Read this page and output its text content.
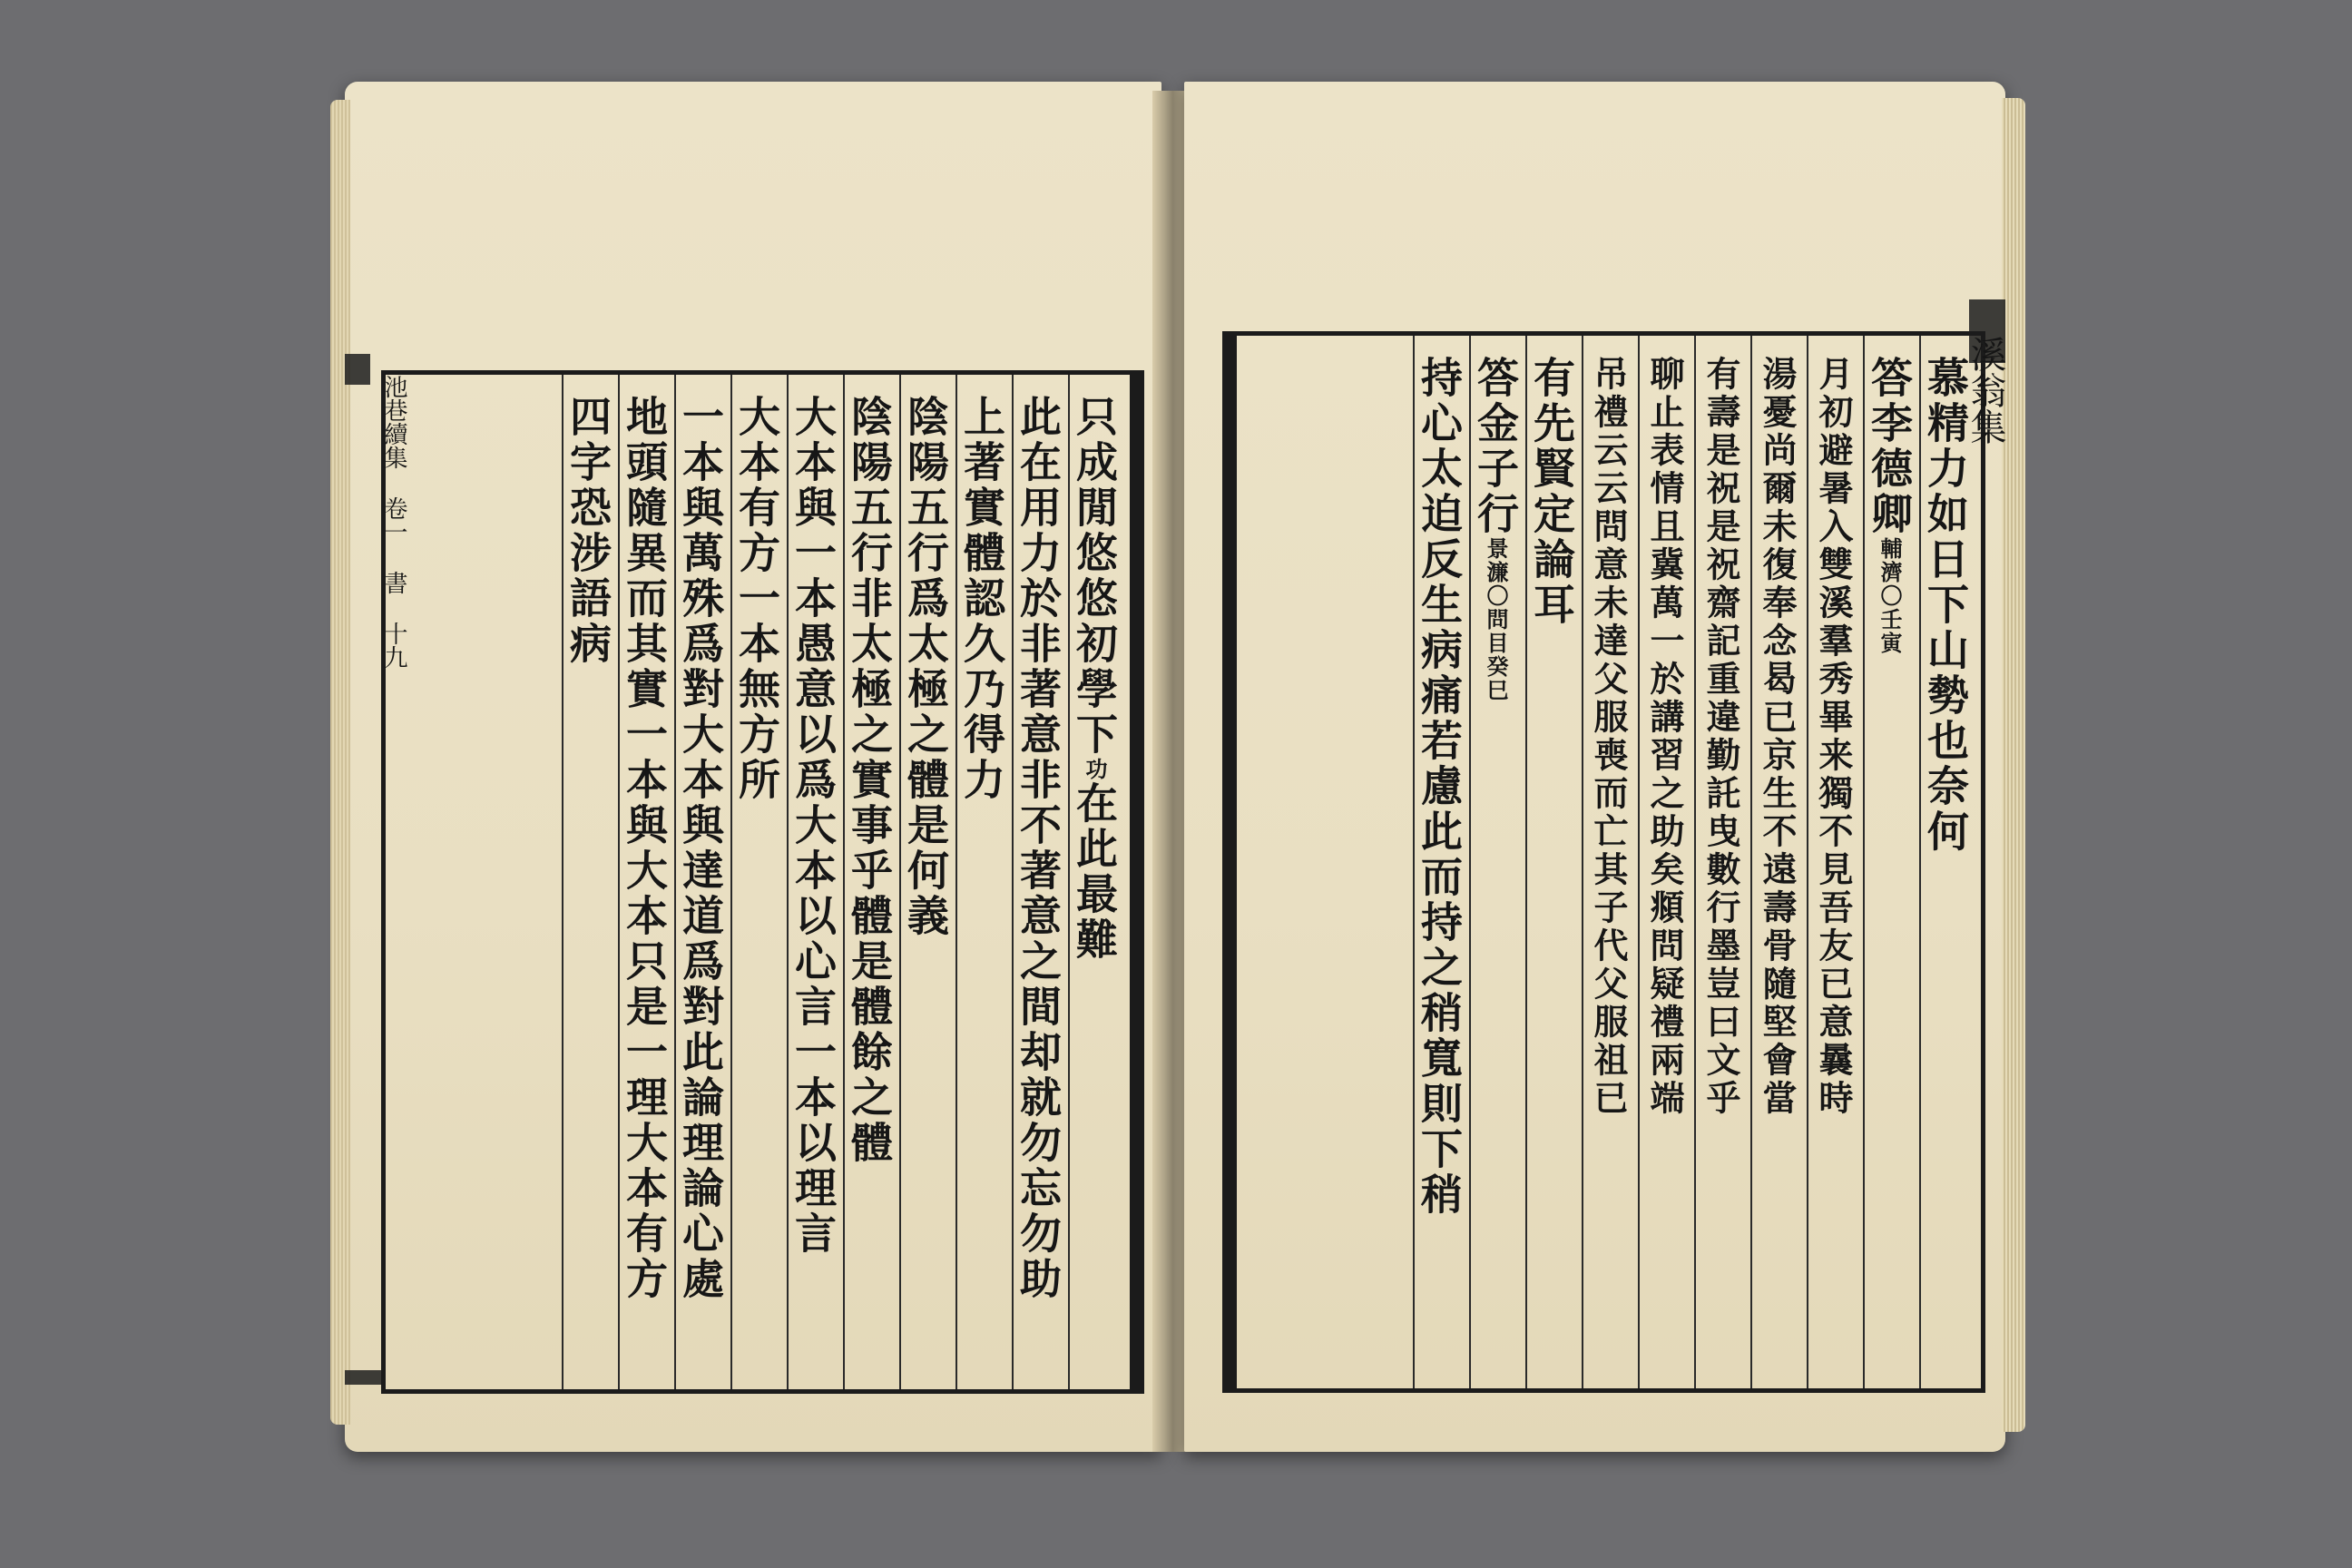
只成閒悠悠初學下功在此最難
此在用力於非著意非不著意之間却就勿忘勿助
上著實體認久乃得力
陰陽五行爲太極之體是何義
陰陽五行非太極之實事乎體是體餘之體
大本與一本愚意以爲大本以心言一本以理言
大本有方一本無方所
一本與萬殊爲對大本與達道爲對此論理論心處
地頭隨異而其實一本與大本只是一理大本有方
四字恐涉語病
池巷續集 卷一 書 十九	慕精力如日下山勢也奈何
答李德卿輔濟〇壬寅
月初避暑入雙溪羣秀畢来獨不見吾友已意曩時
湯憂尚爾未復奉念曷已京生不遠壽骨隨堅會當
有壽是祝是祝齋記重違勤託曳數行墨豈曰文乎
聊止表情且冀萬一於講習之助矣頫問疑禮兩端
吊禮云云問意未達父服喪而亡其子代父服祖已
有先賢定論耳
答金子行景濂〇問目癸巳
持心太迫反生病痛若慮此而持之稍寬則下稍	溪翁集
